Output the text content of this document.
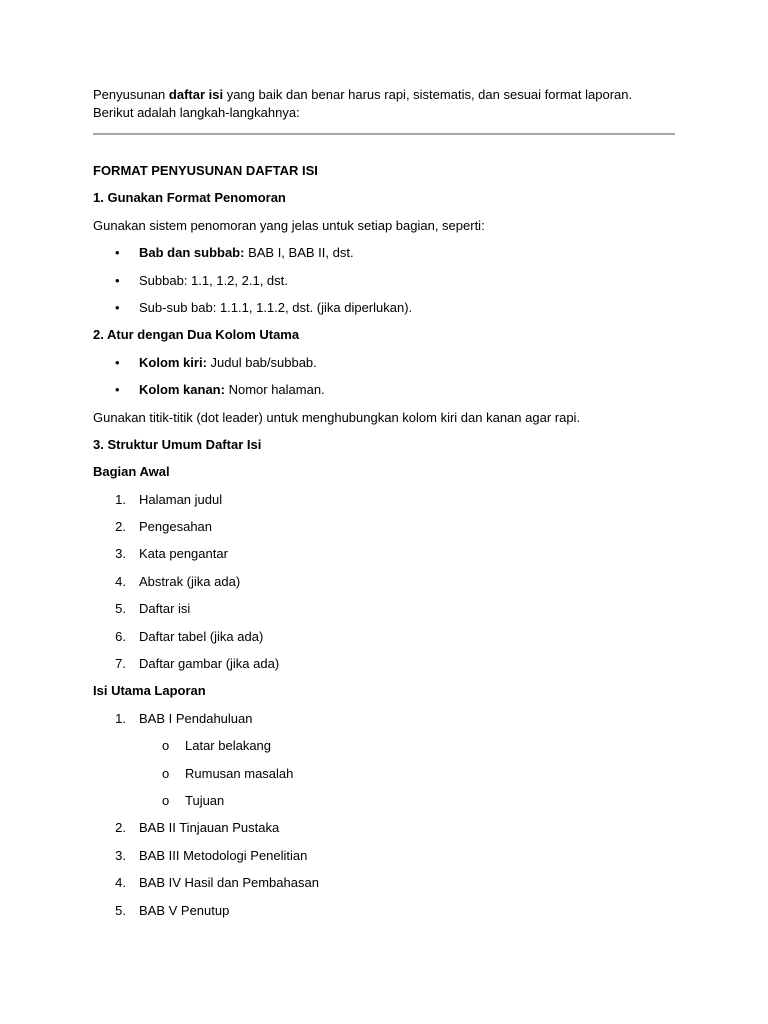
Penyusunan daftar isi yang baik dan benar harus rapi, sistematis, dan sesuai format laporan. Berikut adalah langkah-langkahnya:

FORMAT PENYUSUNAN DAFTAR ISI
1. Gunakan Format Penomoran
Gunakan sistem penomoran yang jelas untuk setiap bagian, seperti:
• Bab dan subbab: BAB I, BAB II, dst.
• Subbab: 1.1, 1.2, 2.1, dst.
• Sub-sub bab: 1.1.1, 1.1.2, dst. (jika diperlukan).
2. Atur dengan Dua Kolom Utama
• Kolom kiri: Judul bab/subbab.
• Kolom kanan: Nomor halaman.
Gunakan titik-titik (dot leader) untuk menghubungkan kolom kiri dan kanan agar rapi.
3. Struktur Umum Daftar Isi
Bagian Awal
1. Halaman judul
2. Pengesahan
3. Kata pengantar
4. Abstrak (jika ada)
5. Daftar isi
6. Daftar tabel (jika ada)
7. Daftar gambar (jika ada)
Isi Utama Laporan
1. BAB I Pendahuluan
o Latar belakang
o Rumusan masalah
o Tujuan
2. BAB II Tinjauan Pustaka
3. BAB III Metodologi Penelitian
4. BAB IV Hasil dan Pembahasan
5. BAB V Penutup
